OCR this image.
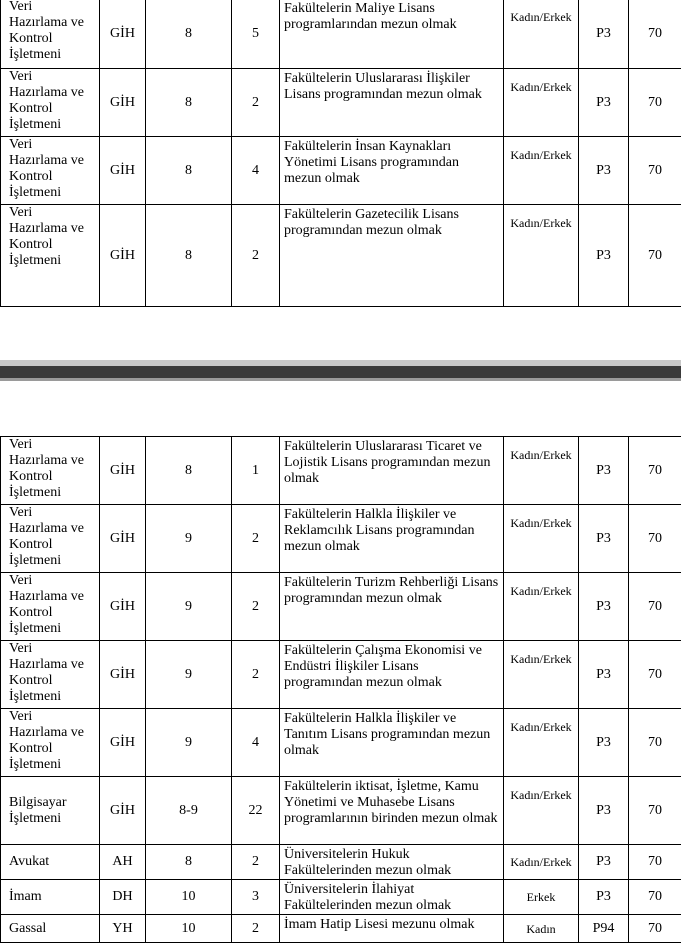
Veri
Hazırlama ve
Kontrol
İşletmeni	GİH	8	5	Fakültelerin Maliye Lisans programlarından mezun olmak	Kadın/Erkek	P3	70
Veri
Hazırlama ve
Kontrol
İşletmeni	GİH	8	2	Fakültelerin Uluslararası İlişkiler Lisans programından mezun olmak	Kadın/Erkek	P3	70
Veri
Hazırlama ve
Kontrol
İşletmeni	GİH	8	4	Fakültelerin İnsan Kaynakları Yönetimi Lisans programından mezun olmak	Kadın/Erkek	P3	70
Veri
Hazırlama ve
Kontrol
İşletmeni	GİH	8	2	Fakültelerin Gazetecilik Lisans programından mezun olmak	Kadın/Erkek	P3	70
Veri
Hazırlama ve
Kontrol
İşletmeni	GİH	8	1	Fakültelerin Uluslararası Ticaret ve Lojistik Lisans programından mezun olmak	Kadın/Erkek	P3	70
Veri
Hazırlama ve
Kontrol
İşletmeni	GİH	9	2	Fakültelerin Halkla İlişkiler ve Reklamcılık Lisans programından mezun olmak	Kadın/Erkek	P3	70
Veri
Hazırlama ve
Kontrol
İşletmeni	GİH	9	2	Fakültelerin Turizm Rehberliği Lisans programından mezun olmak	Kadın/Erkek	P3	70
Veri
Hazırlama ve
Kontrol
İşletmeni	GİH	9	2	Fakültelerin Çalışma Ekonomisi ve Endüstri İlişkiler Lisans programından mezun olmak	Kadın/Erkek	P3	70
Veri
Hazırlama ve
Kontrol
İşletmeni	GİH	9	4	Fakültelerin Halkla İlişkiler ve Tanıtım Lisans programından mezun olmak	Kadın/Erkek	P3	70
Bilgisayar
İşletmeni	GİH	8-9	22	Fakültelerin iktisat, İşletme, Kamu Yönetimi ve Muhasebe Lisans programlarının birinden mezun olmak	Kadın/Erkek	P3	70
Avukat	AH	8	2	Üniversitelerin Hukuk Fakültelerinden mezun olmak	Kadın/Erkek	P3	70
İmam	DH	10	3	Üniversitelerin İlahiyat Fakültelerinden mezun olmak	Erkek	P3	70
Gassal	YH	10	2	İmam Hatip Lisesi mezunu olmak	Kadın	P94	70
